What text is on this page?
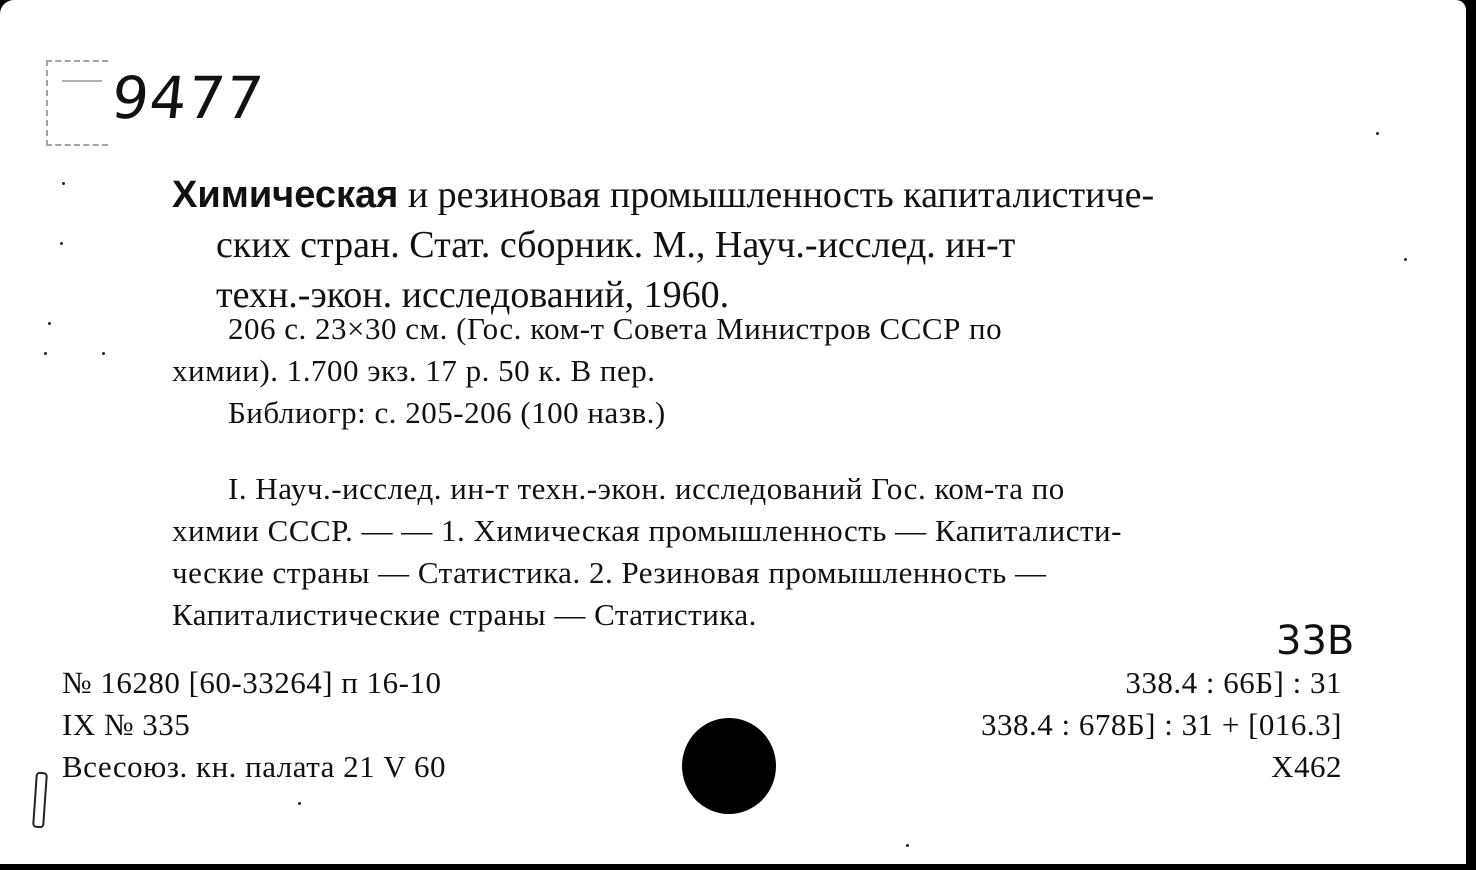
9477
Химическая и резиновая промышленность капиталистиче-
ских стран. Стат. сборник. М., Науч.-исслед. ин-т
техн.-экон. исследований, 1960.
206 с. 23×30 см. (Гос. ком-т Совета Министров СССР по
химии). 1.700 экз. 17 р. 50 к. В пер.
Библиогр: с. 205-206 (100 назв.)
I. Науч.-исслед. ин-т техн.-экон. исследований Гос. ком-та по
химии СССР. — — 1. Химическая промышленность — Капиталисти-
ческие страны — Статистика. 2. Резиновая промышленность —
Капиталистические страны — Статистика.
33B
№ 16280 [60-33264] п 16-10
IX № 335
Всесоюз. кн. палата 21 V 60
338.4 : 66Б] : 31
338.4 : 678Б] : 31 + [016.3]
Х462
